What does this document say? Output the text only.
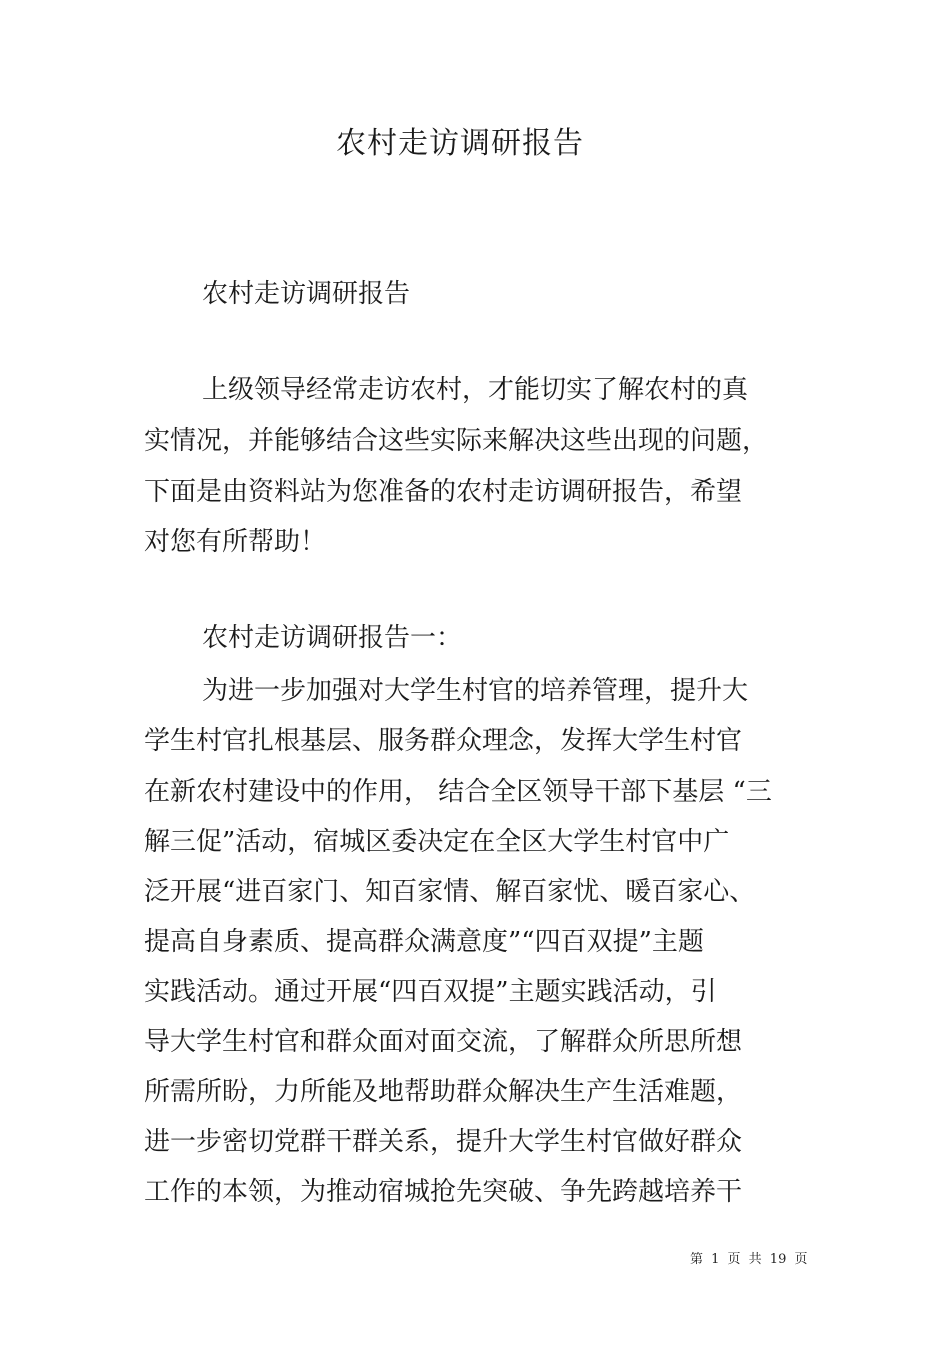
农村走访调研报告
农村走访调研报告
上级领导经常走访农村，才能切实了解农村的真
实情况，并能够结合这些实际来解决这些出现的问题，
下面是由资料站为您准备的农村走访调研报告，希望
对您有所帮助！
农村走访调研报告一：
为进一步加强对大学生村官的培养管理，提升大
学生村官扎根基层、服务群众理念，发挥大学生村官
在新农村建设中的作用， 结合全区领导干部下基层 “三
解三促”活动，宿城区委决定在全区大学生村官中广
泛开展“进百家门、知百家情、解百家忧、暖百家心、
提高自身素质、提高群众满意度”“四百双提”主题
实践活动。通过开展“四百双提”主题实践活动，引
导大学生村官和群众面对面交流，了解群众所思所想
所需所盼，力所能及地帮助群众解决生产生活难题，
进一步密切党群干群关系，提升大学生村官做好群众
工作的本领，为推动宿城抢先突破、争先跨越培养干
第 1 页 共 19 页
